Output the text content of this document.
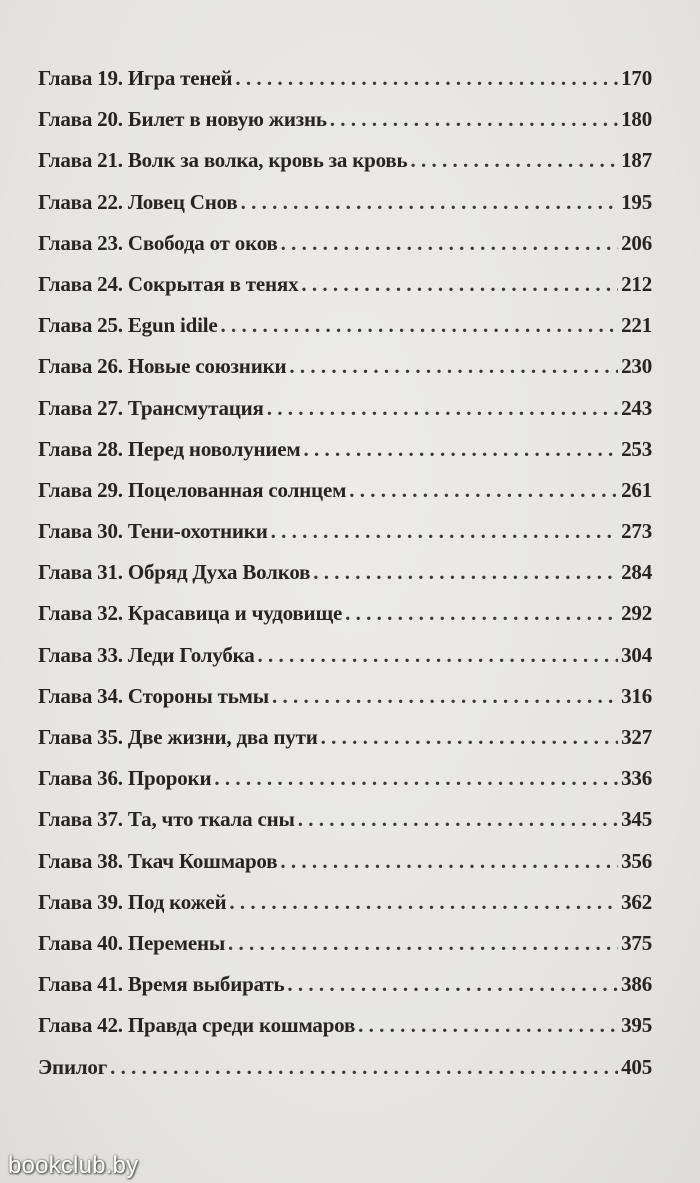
Глава 19. Игра теней . . .	170
Глава 20. Билет в новую жизнь . . .	180
Глава 21. Волк за волка, кровь за кровь . . .	187
Глава 22. Ловец Снов . . .	195
Глава 23. Свобода от оков . . .	206
Глава 24. Сокрытая в тенях . . .	212
Глава 25. Egun idile . . .	221
Глава 26. Новые союзники . . .	230
Глава 27. Трансмутация . . .	243
Глава 28. Перед новолунием . . .	253
Глава 29. Поцелованная солнцем . . .	261
Глава 30. Тени-охотники . . .	273
Глава 31. Обряд Духа Волков . . .	284
Глава 32. Красавица и чудовище . . .	292
Глава 33. Леди Голубка . . .	304
Глава 34. Стороны тьмы . . .	316
Глава 35. Две жизни, два пути . . .	327
Глава 36. Пророки . . .	336
Глава 37. Та, что ткала сны . . .	345
Глава 38. Ткач Кошмаров . . .	356
Глава 39. Под кожей . . .	362
Глава 40. Перемены . . .	375
Глава 41. Время выбирать . . .	386
Глава 42. Правда среди кошмаров . . .	395
Эпилог . . .	405
bookclub.by
